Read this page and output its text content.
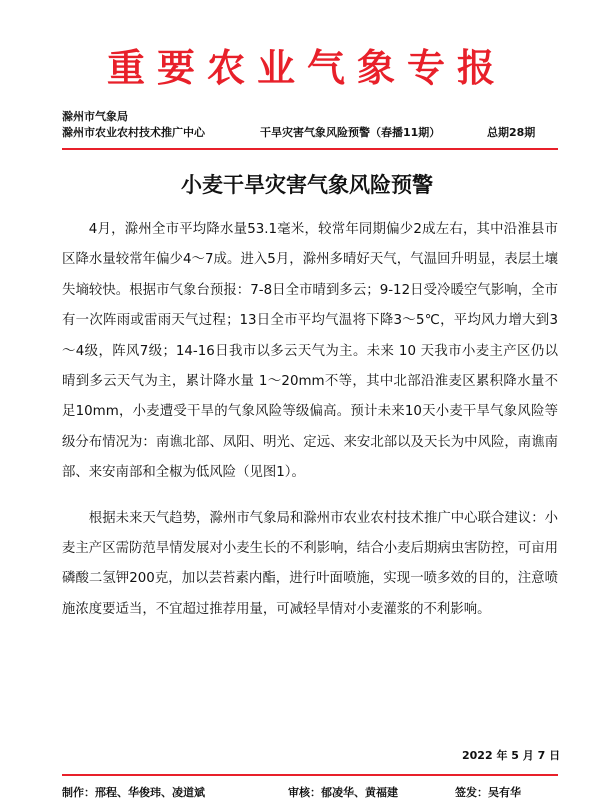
重要农业气象专报
滁州市气象局
滁州市农业农村技术推广中心	干旱灾害气象风险预警（春播11期）	总期28期
小麦干旱灾害气象风险预警

4月，滁州全市平均降水量53.1毫米，较常年同期偏少2成左右，其中沿淮县市区降水量较常年偏少4～7成。进入5月，滁州多晴好天气，气温回升明显，表层土壤失墒较快。根据市气象台预报：7-8日全市晴到多云；9-12日受冷暖空气影响，全市有一次阵雨或雷雨天气过程；13日全市平均气温将下降3～5℃，平均风力增大到3～4级，阵风7级；14-16日我市以多云天气为主。未来 10 天我市小麦主产区仍以晴到多云天气为主，累计降水量 1～20mm不等，其中北部沿淮麦区累积降水量不足10mm，小麦遭受干旱的气象风险等级偏高。预计未来10天小麦干旱气象风险等级分布情况为：南谯北部、凤阳、明光、定远、来安北部以及天长为中风险，南谯南部、来安南部和全椒为低风险（见图1）。

根据未来天气趋势，滁州市气象局和滁州市农业农村技术推广中心联合建议：小麦主产区需防范旱情发展对小麦生长的不利影响，结合小麦后期病虫害防控，可亩用磷酸二氢钾200克，加以芸苔素内酯，进行叶面喷施，实现一喷多效的目的，注意喷施浓度要适当，不宜超过推荐用量，可减轻旱情对小麦灌浆的不利影响。

2022 年 5 月 7 日
制作：邢程、华俊玮、凌道斌	审核：郁凌华、黄福建	签发：吴有华
